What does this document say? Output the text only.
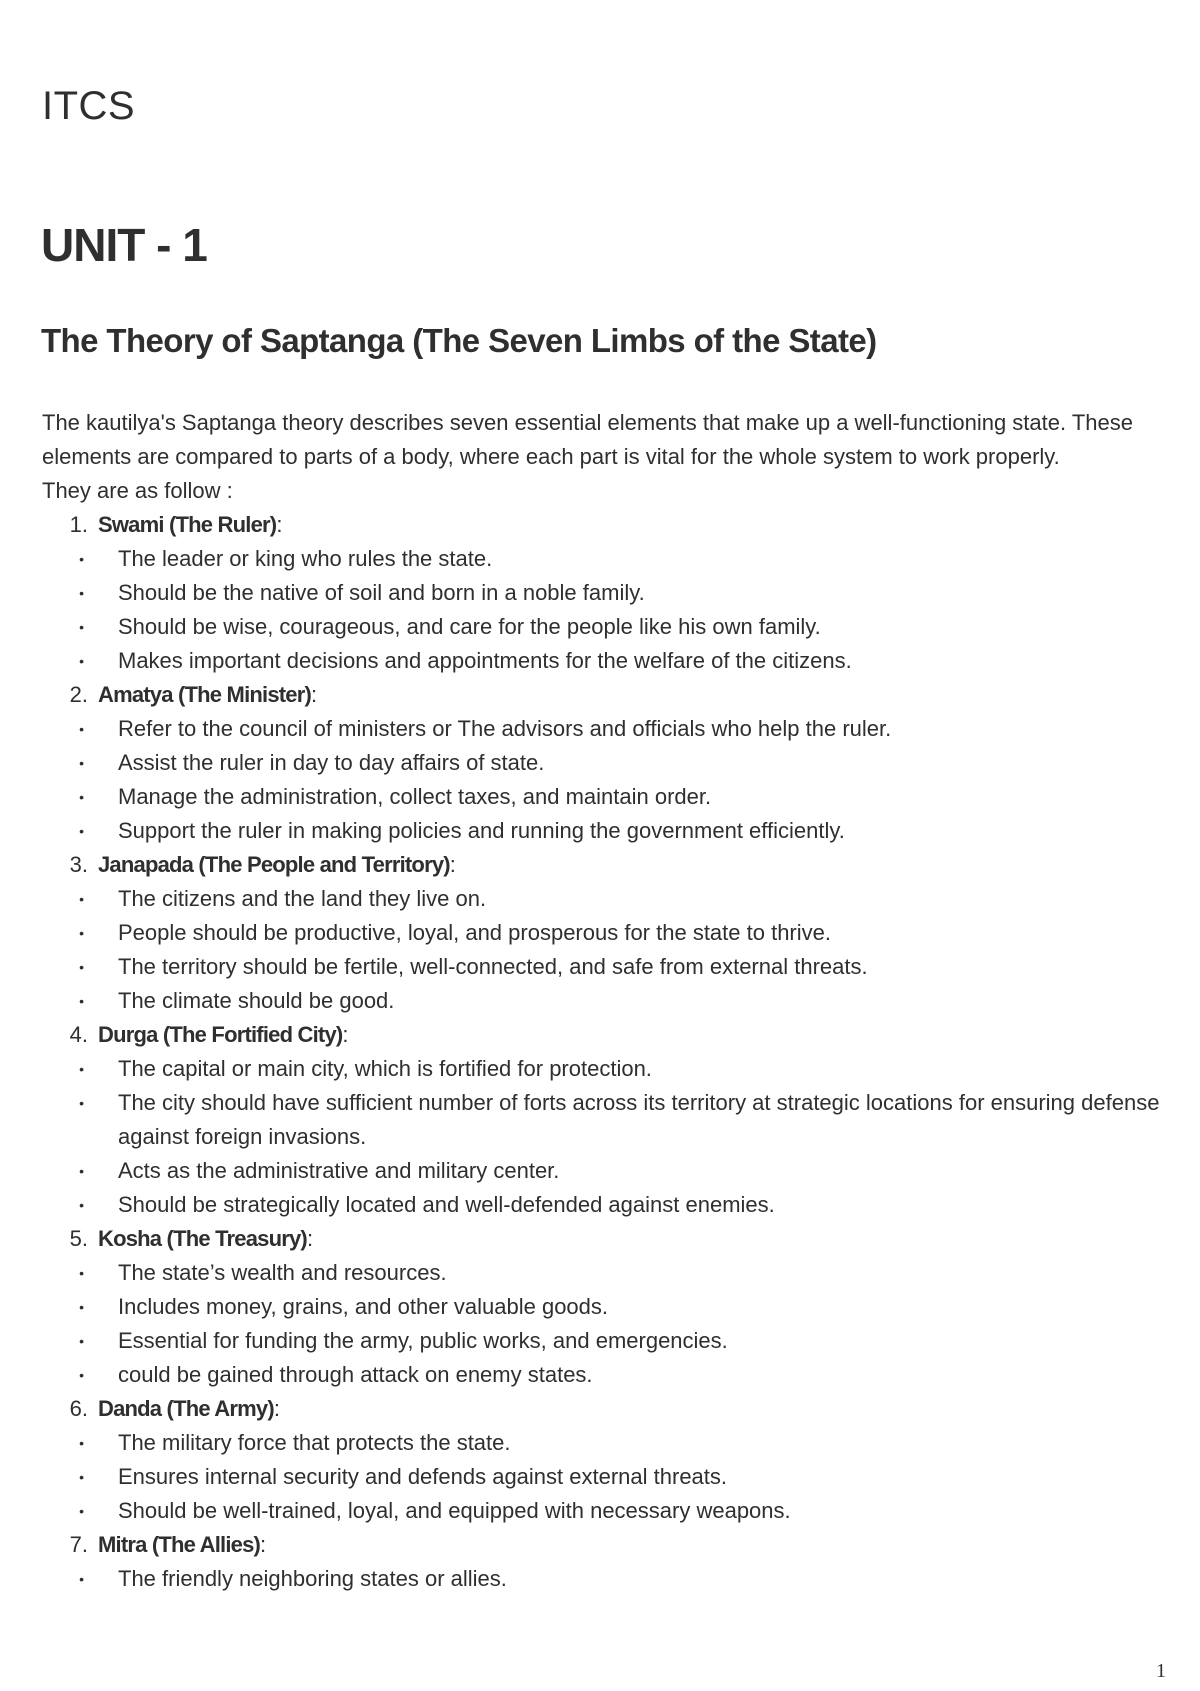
ITCS
UNIT - 1
The Theory of Saptanga (The Seven Limbs of the State)

The kautilya's Saptanga theory describes seven essential elements that make up a well-functioning state. These elements are compared to parts of a body, where each part is vital for the whole system to work properly.

They are as follow :

1. Swami (The Ruler):
•	The leader or king who rules the state.
•	Should be the native of soil and born in a noble family.
•	Should be wise, courageous, and care for the people like his own family.
•	Makes important decisions and appointments for the welfare of the citizens.
2. Amatya (The Minister):
•	Refer to the council of ministers or The advisors and officials who help the ruler.
•	Assist the ruler in day to day affairs of state.
•	Manage the administration, collect taxes, and maintain order.
•	Support the ruler in making policies and running the government efficiently.
3. Janapada (The People and Territory):
•	The citizens and the land they live on.
•	People should be productive, loyal, and prosperous for the state to thrive.
•	The territory should be fertile, well-connected, and safe from external threats.
•	The climate should be good.
4. Durga (The Fortified City):
•	The capital or main city, which is fortified for protection.
•	The city should have sufficient number of forts across its territory at strategic locations for ensuring defense against foreign invasions.
•	Acts as the administrative and military center.
•	Should be strategically located and well-defended against enemies.
5. Kosha (The Treasury):
•	The state’s wealth and resources.
•	Includes money, grains, and other valuable goods.
•	Essential for funding the army, public works, and emergencies.
•	could be gained through attack on enemy states.
6. Danda (The Army):
•	The military force that protects the state.
•	Ensures internal security and defends against external threats.
•	Should be well-trained, loyal, and equipped with necessary weapons.
7. Mitra (The Allies):
•	The friendly neighboring states or allies.
1
